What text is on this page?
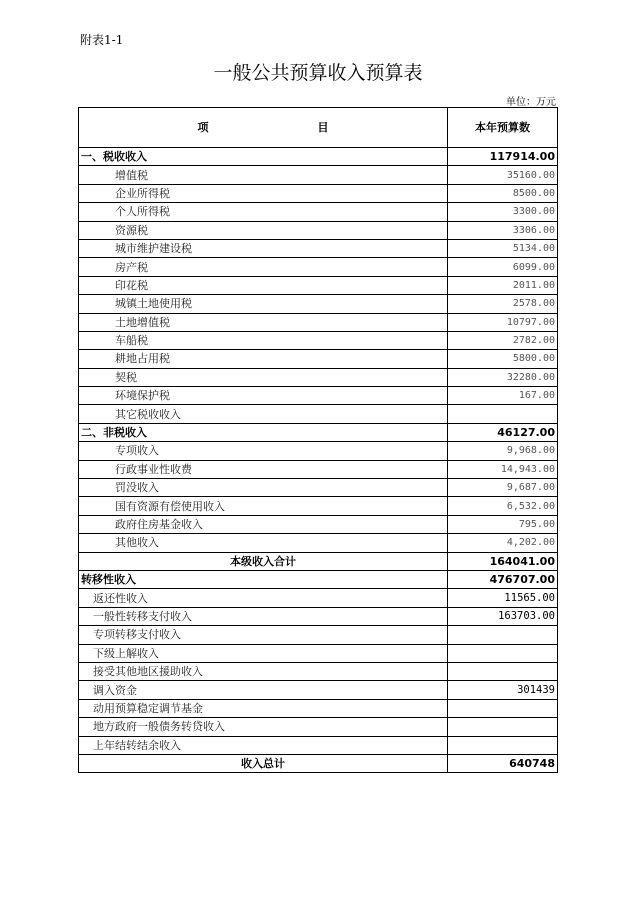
附表1-1
一般公共预算收入预算表
单位：万元
项 目	本年预算数
一、税收收入	117914.00
增值税	35160.00
企业所得税	8500.00
个人所得税	3300.00
资源税	3306.00
城市维护建设税	5134.00
房产税	6099.00
印花税	2011.00
城镇土地使用税	2578.00
土地增值税	10797.00
车船税	2782.00
耕地占用税	5800.00
契税	32280.00
环境保护税	167.00
其它税收收入	
二、非税收入	46127.00
专项收入	9,968.00
行政事业性收费	14,943.00
罚没收入	9,687.00
国有资源有偿使用收入	6,532.00
政府住房基金收入	795.00
其他收入	4,202.00
本级收入合计	164041.00
转移性收入	476707.00
返还性收入	11565.00
一般性转移支付收入	163703.00
专项转移支付收入	
下级上解收入	
接受其他地区援助收入	
调入资金	301439
动用预算稳定调节基金	
地方政府一般债务转贷收入	
上年结转结余收入	
收入总计	640748
